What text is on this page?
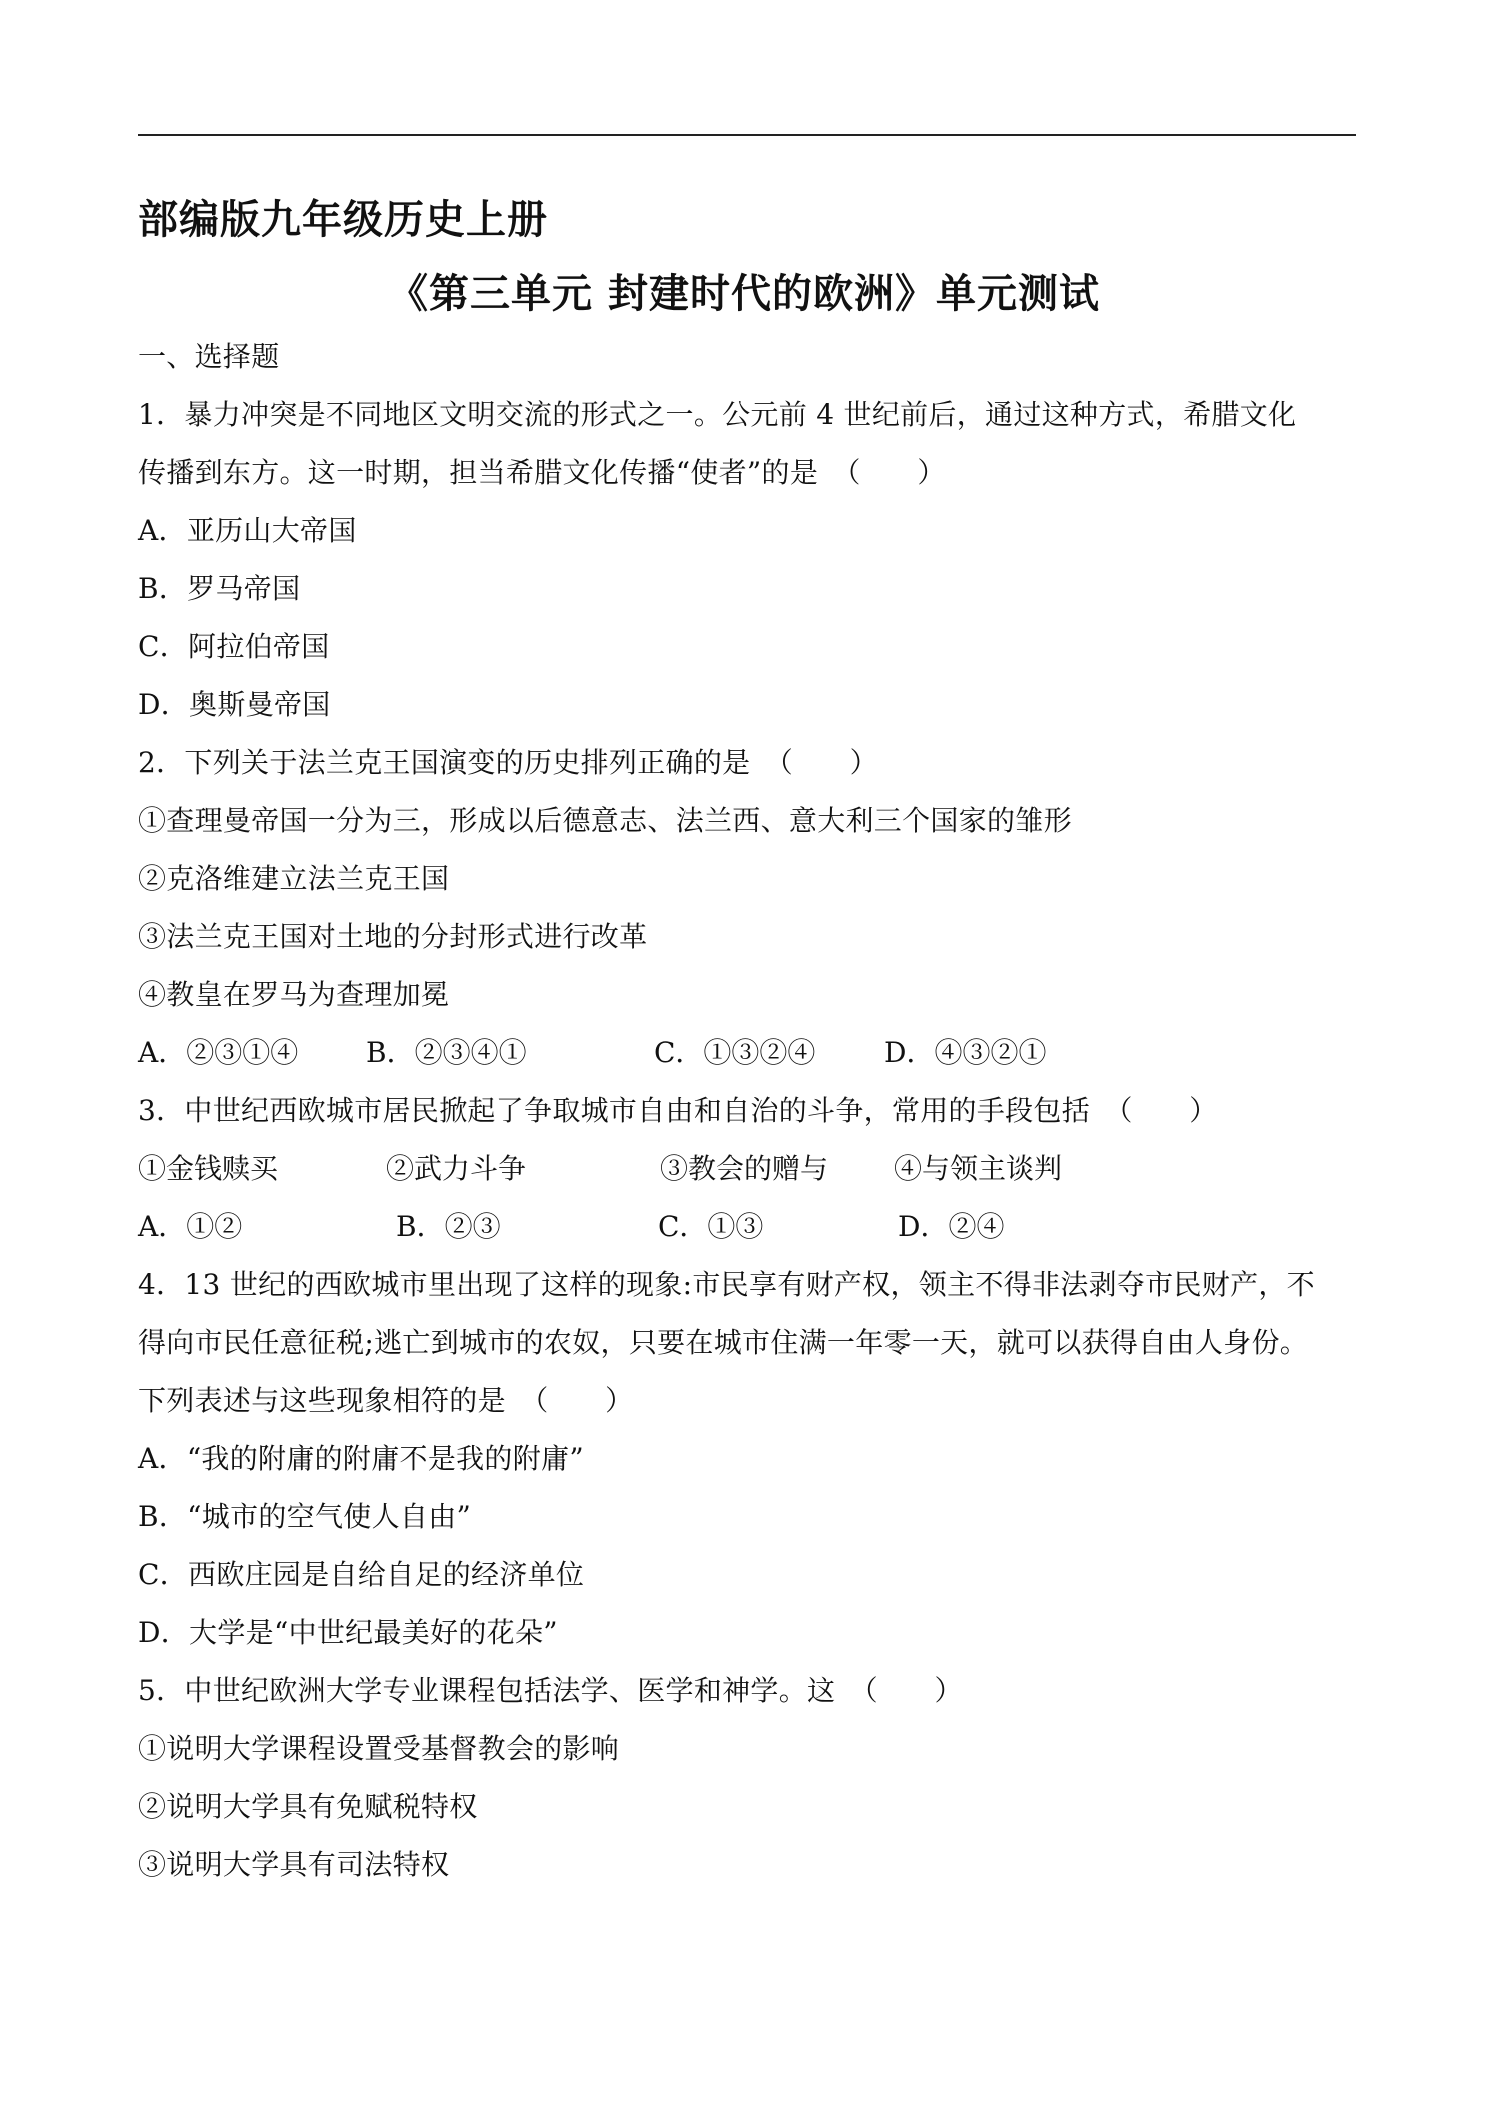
部编版九年级历史上册
《第三单元 封建时代的欧洲》单元测试
一、选择题
1．暴力冲突是不同地区文明交流的形式之一。公元前 4 世纪前后，通过这种方式，希腊文化
传播到东方。这一时期，担当希腊文化传播“使者”的是　（　　）
A．亚历山大帝国
B．罗马帝国
C．阿拉伯帝国
D．奥斯曼帝国
2．下列关于法兰克王国演变的历史排列正确的是　（　　）
①查理曼帝国一分为三，形成以后德意志、法兰西、意大利三个国家的雏形
②克洛维建立法兰克王国
③法兰克王国对土地的分封形式进行改革
④教皇在罗马为查理加冕
A．②③①④ B．②③④①	C．①③②④ D．④③②①
3．中世纪西欧城市居民掀起了争取城市自由和自治的斗争，常用的手段包括　（　　）
①金钱赎买	②武力斗争	③教会的赠与 ④与领主谈判
A．①②	B．②③	C．①③	D．②④
4．13 世纪的西欧城市里出现了这样的现象:市民享有财产权，领主不得非法剥夺市民财产，不
得向市民任意征税;逃亡到城市的农奴，只要在城市住满一年零一天，就可以获得自由人身份。
下列表述与这些现象相符的是　（　　）
A．“我的附庸的附庸不是我的附庸”
B．“城市的空气使人自由”
C．西欧庄园是自给自足的经济单位
D．大学是“中世纪最美好的花朵”
5．中世纪欧洲大学专业课程包括法学、医学和神学。这　（　　）
①说明大学课程设置受基督教会的影响
②说明大学具有免赋税特权
③说明大学具有司法特权
